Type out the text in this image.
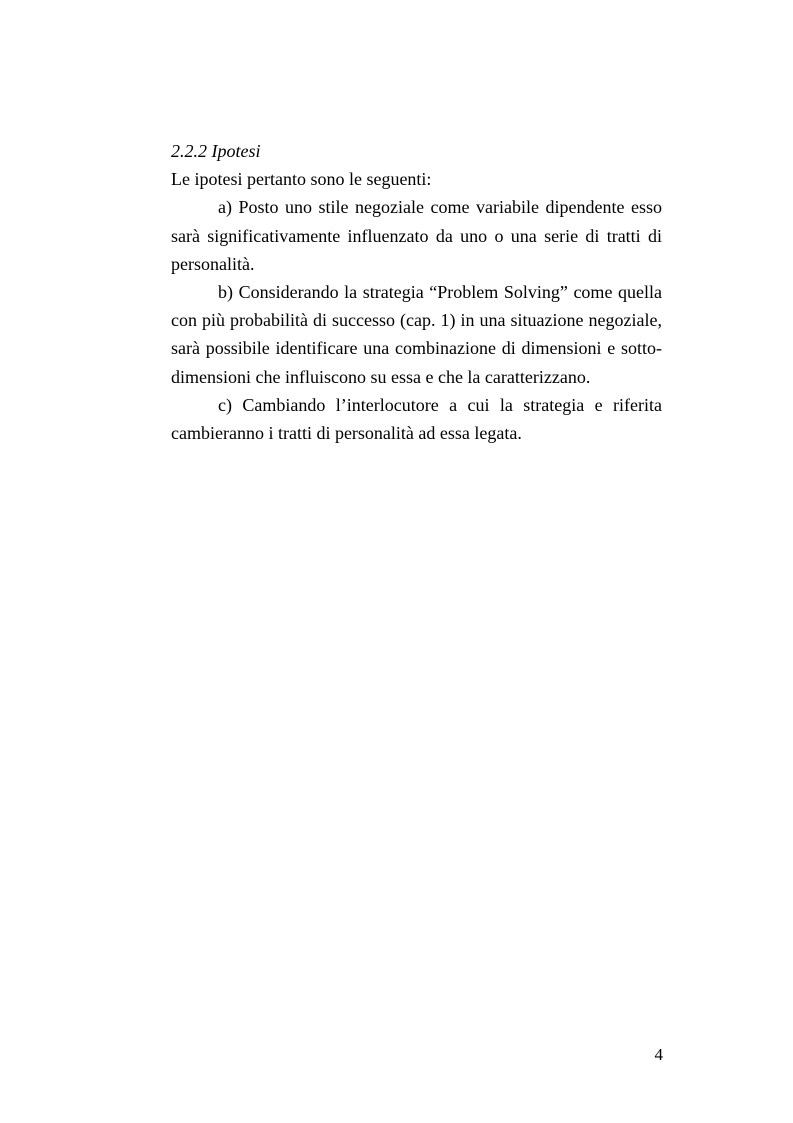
2.2.2 Ipotesi

Le ipotesi pertanto sono le seguenti:

a) Posto uno stile negoziale come variabile dipendente esso sarà significativamente influenzato da uno o una serie di tratti di personalità.

b) Considerando la strategia “Problem Solving” come quella con più probabilità di successo (cap. 1) in una situazione negoziale, sarà possibile identificare una combinazione di dimensioni e sotto-dimensioni che influiscono su essa e che la caratterizzano.

c) Cambiando l’interlocutore a cui la strategia e riferita cambieranno i tratti di personalità ad essa legata.

4
